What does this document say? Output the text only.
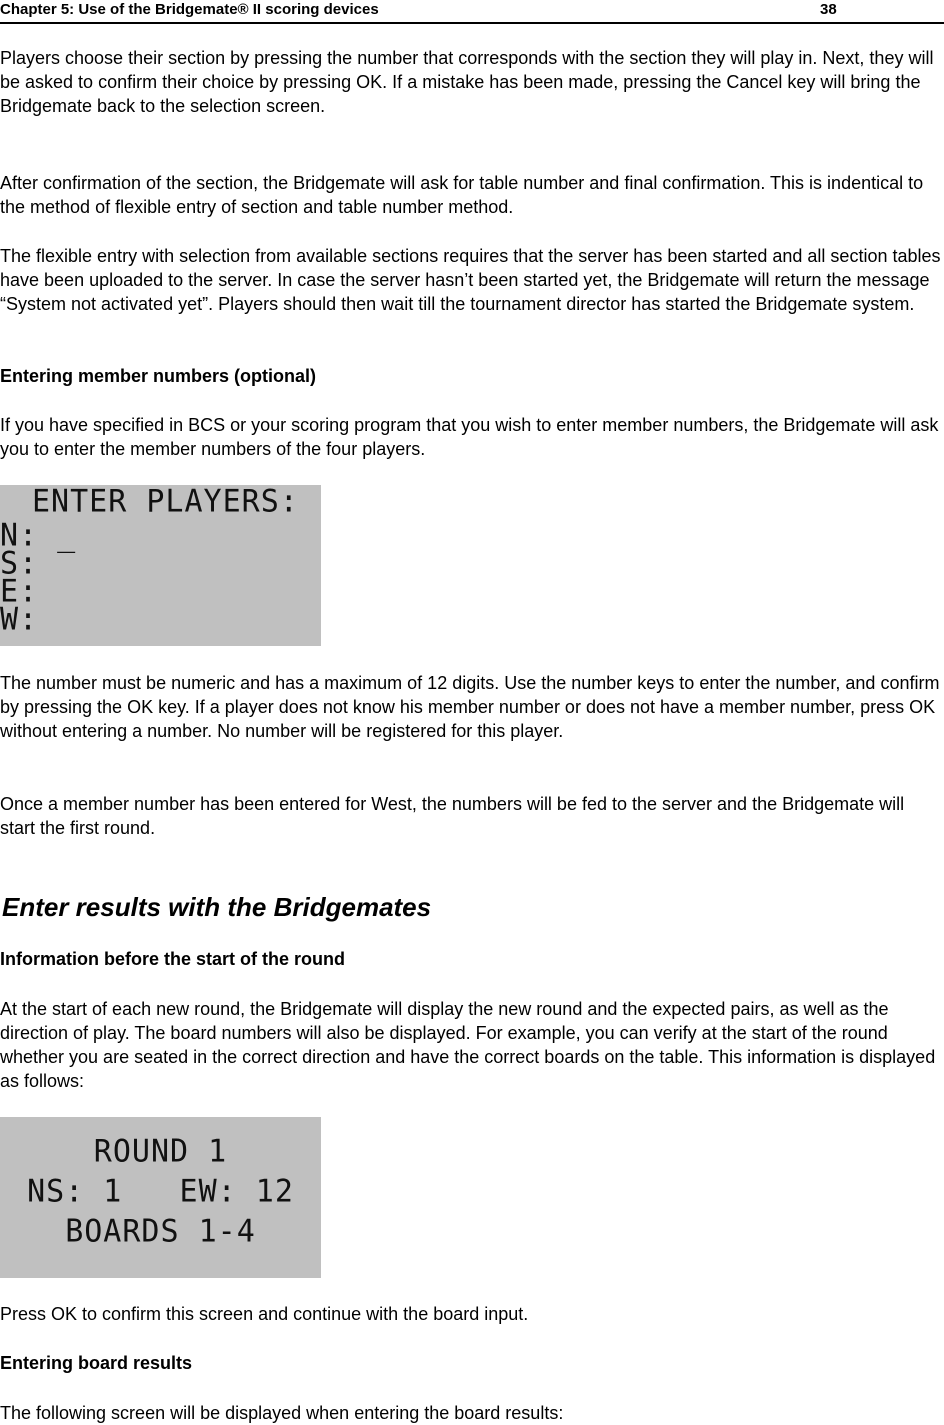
Chapter 5: Use of the Bridgemate® II scoring devices	38

Players choose their section by pressing the number that corresponds with the section they will play in. Next, they will be asked to confirm their choice by pressing OK. If a mistake has been made, pressing the Cancel key will bring the Bridgemate back to the selection screen.

After confirmation of the section, the Bridgemate will ask for table number and final confirmation. This is indentical to the method of flexible entry of section and table number method.

The flexible entry with selection from available sections requires that the server has been started and all section tables have been uploaded to the server. In case the server hasn’t been started yet, the Bridgemate will return the message “System not activated yet”. Players should then wait till the tournament director has started the Bridgemate system.

Entering member numbers (optional)

If you have specified in BCS or your scoring program that you wish to enter member numbers, the Bridgemate will ask you to enter the member numbers of the four players.

ENTER PLAYERS:
N: _
S:
E:
W:

The number must be numeric and has a maximum of 12 digits. Use the number keys to enter the number, and confirm by pressing the OK key. If a player does not know his member number or does not have a member number, press OK without entering a number. No number will be registered for this player.

Once a member number has been entered for West, the numbers will be fed to the server and the Bridgemate will start the first round.

Enter results with the Bridgemates
Information before the start of the round

At the start of each new round, the Bridgemate will display the new round and the expected pairs, as well as the direction of play. The board numbers will also be displayed. For example, you can verify at the start of the round whether you are seated in the correct direction and have the correct boards on the table. This information is displayed as follows:

ROUND 1
NS: 1   EW: 12
BOARDS 1-4

Press OK to confirm this screen and continue with the board input.

Entering board results

The following screen will be displayed when entering the board results:
